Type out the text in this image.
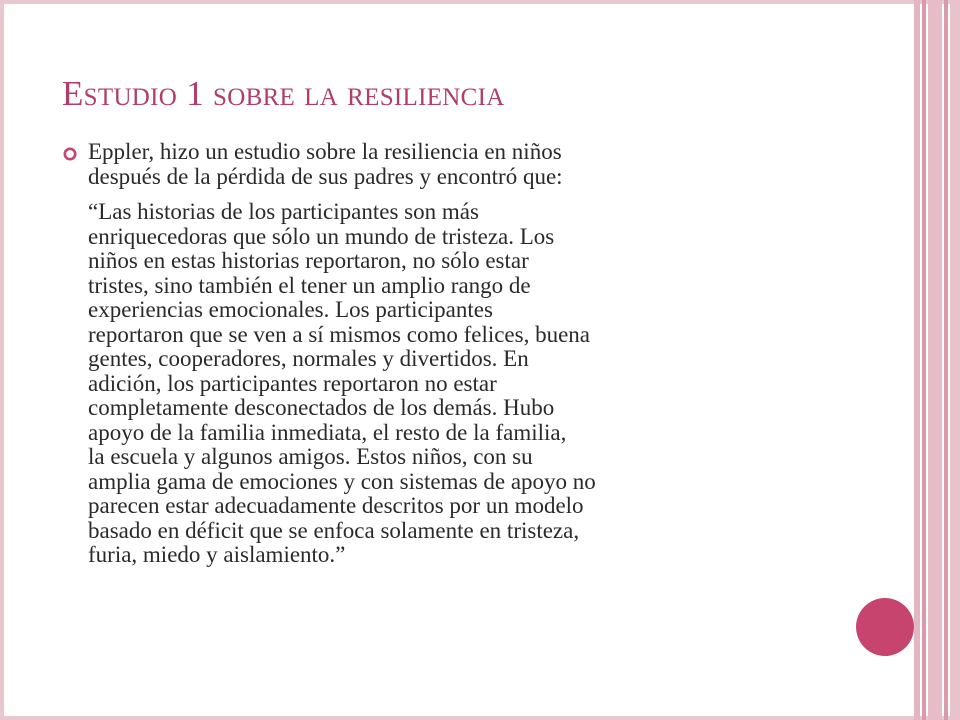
Estudio 1 sobre la resiliencia

Eppler, hizo un estudio sobre la resiliencia en niños
después de la pérdida de sus padres y encontró que:

“Las historias de los participantes son más
enriquecedoras que sólo un mundo de tristeza. Los
niños en estas historias reportaron, no sólo estar
tristes, sino también el tener un amplio rango de
experiencias emocionales. Los participantes
reportaron que se ven a sí mismos como felices, buena
gentes, cooperadores, normales y divertidos. En
adición, los participantes reportaron no estar
completamente desconectados de los demás. Hubo
apoyo de la familia inmediata, el resto de la familia,
la escuela y algunos amigos. Estos niños, con su
amplia gama de emociones y con sistemas de apoyo no
parecen estar adecuadamente descritos por un modelo
basado en déficit que se enfoca solamente en tristeza,
furia, miedo y aislamiento.”
